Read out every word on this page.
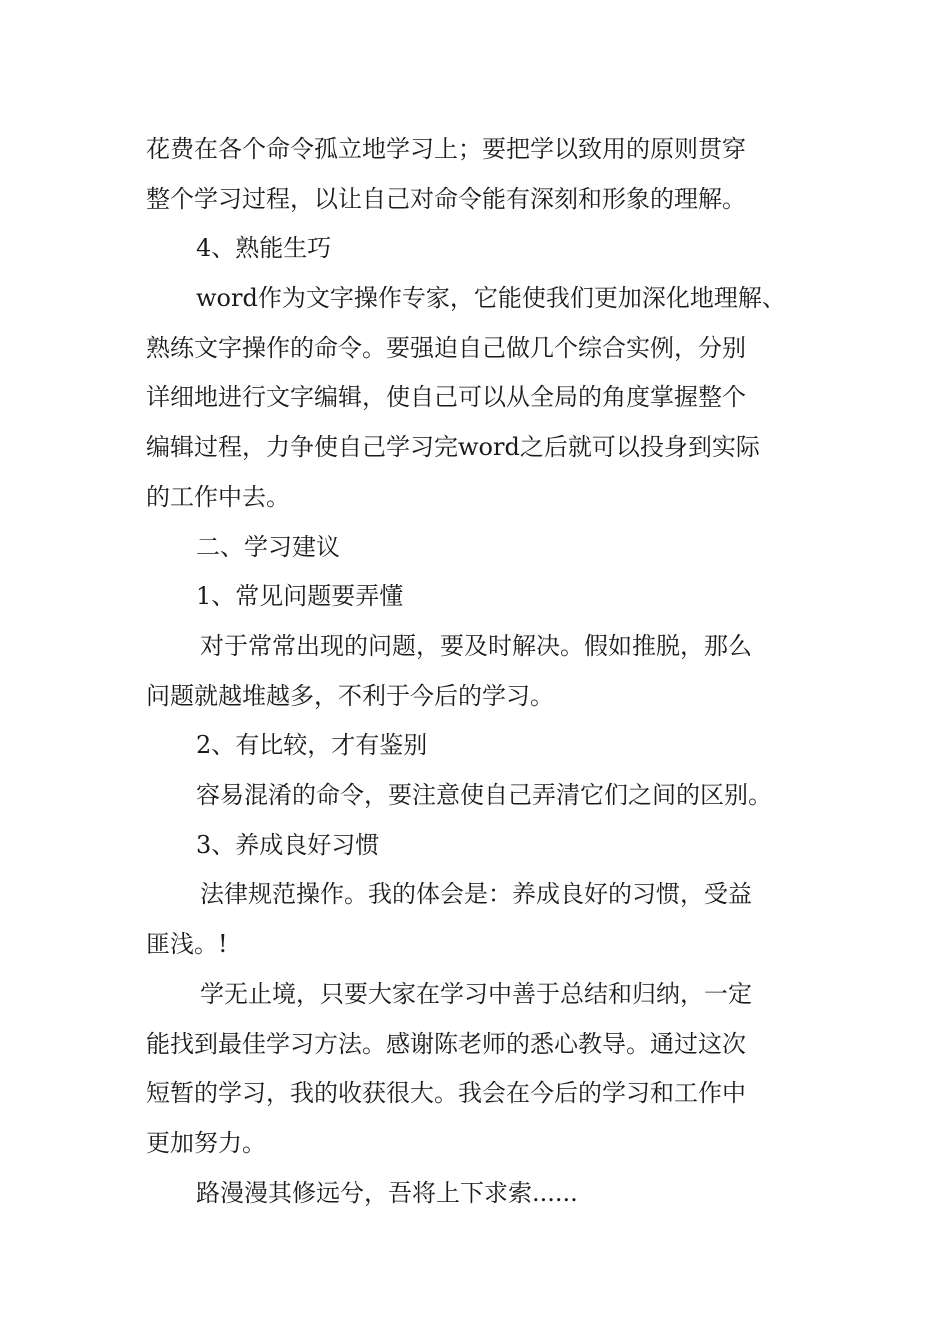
花费在各个命令孤立地学习上；要把学以致用的原则贯穿

整个学习过程，以让自己对命令能有深刻和形象的理解。

4、熟能生巧

word作为文字操作专家，它能使我们更加深化地理解、

熟练文字操作的命令。要强迫自己做几个综合实例，分别

详细地进行文字编辑，使自己可以从全局的角度掌握整个

编辑过程，力争使自己学习完word之后就可以投身到实际

的工作中去。

二、学习建议

1、常见问题要弄懂

对于常常出现的问题，要及时解决。假如推脱，那么

问题就越堆越多，不利于今后的学习。

2、有比较，才有鉴别

容易混淆的命令，要注意使自己弄清它们之间的区别。

3、养成良好习惯

法律规范操作。我的体会是：养成良好的习惯，受益

匪浅。!

学无止境，只要大家在学习中善于总结和归纳，一定

能找到最佳学习方法。感谢陈老师的悉心教导。通过这次

短暂的学习，我的收获很大。我会在今后的学习和工作中

更加努力。

路漫漫其修远兮，吾将上下求索......
